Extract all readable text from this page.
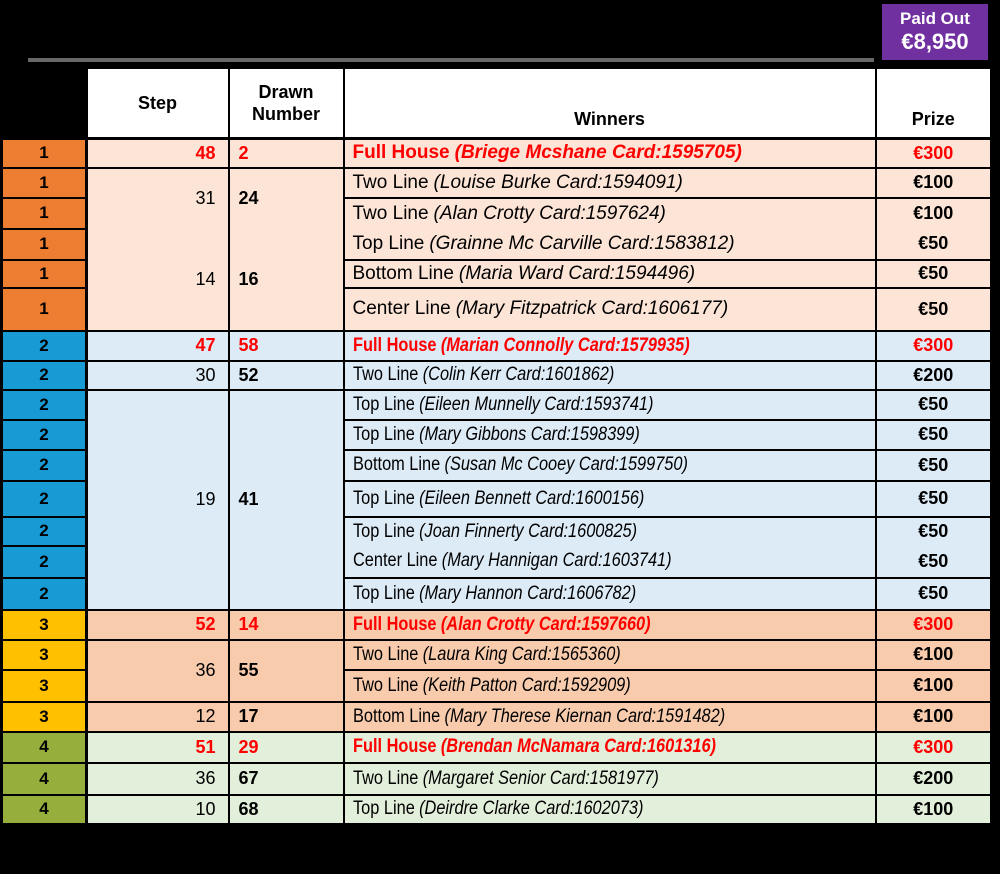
Paid Out
€8,950
	Step	Drawn Number	Winners	Prize
1	48	2	Full House (Briege Mcshane Card:1595705)	€300
1	31	24	Two Line (Louise Burke Card:1594091)	€100
1			Two Line (Alan Crotty Card:1597624)	€100
1	14	16	Top Line (Grainne Mc Carville Card:1583812)	€50
1			Bottom Line (Maria Ward Card:1594496)	€50
1			Center Line (Mary Fitzpatrick Card:1606177)	€50
2	47	58	Full House (Marian Connolly Card:1579935)	€300
2	30	52	Two Line (Colin Kerr Card:1601862)	€200
2	19	41	Top Line (Eileen Munnelly Card:1593741)	€50
2			Top Line (Mary Gibbons Card:1598399)	€50
2			Bottom Line (Susan Mc Cooey Card:1599750)	€50
2			Top Line (Eileen Bennett Card:1600156)	€50
2			Top Line (Joan Finnerty Card:1600825)	€50
2			Center Line (Mary Hannigan Card:1603741)	€50
2			Top Line (Mary Hannon Card:1606782)	€50
3	52	14	Full House (Alan Crotty Card:1597660)	€300
3	36	55	Two Line (Laura King Card:1565360)	€100
3			Two Line (Keith Patton Card:1592909)	€100
3	12	17	Bottom Line (Mary Therese Kiernan Card:1591482)	€100
4	51	29	Full House (Brendan McNamara Card:1601316)	€300
4	36	67	Two Line (Margaret Senior Card:1581977)	€200
4	10	68	Top Line (Deirdre Clarke Card:1602073)	€100
